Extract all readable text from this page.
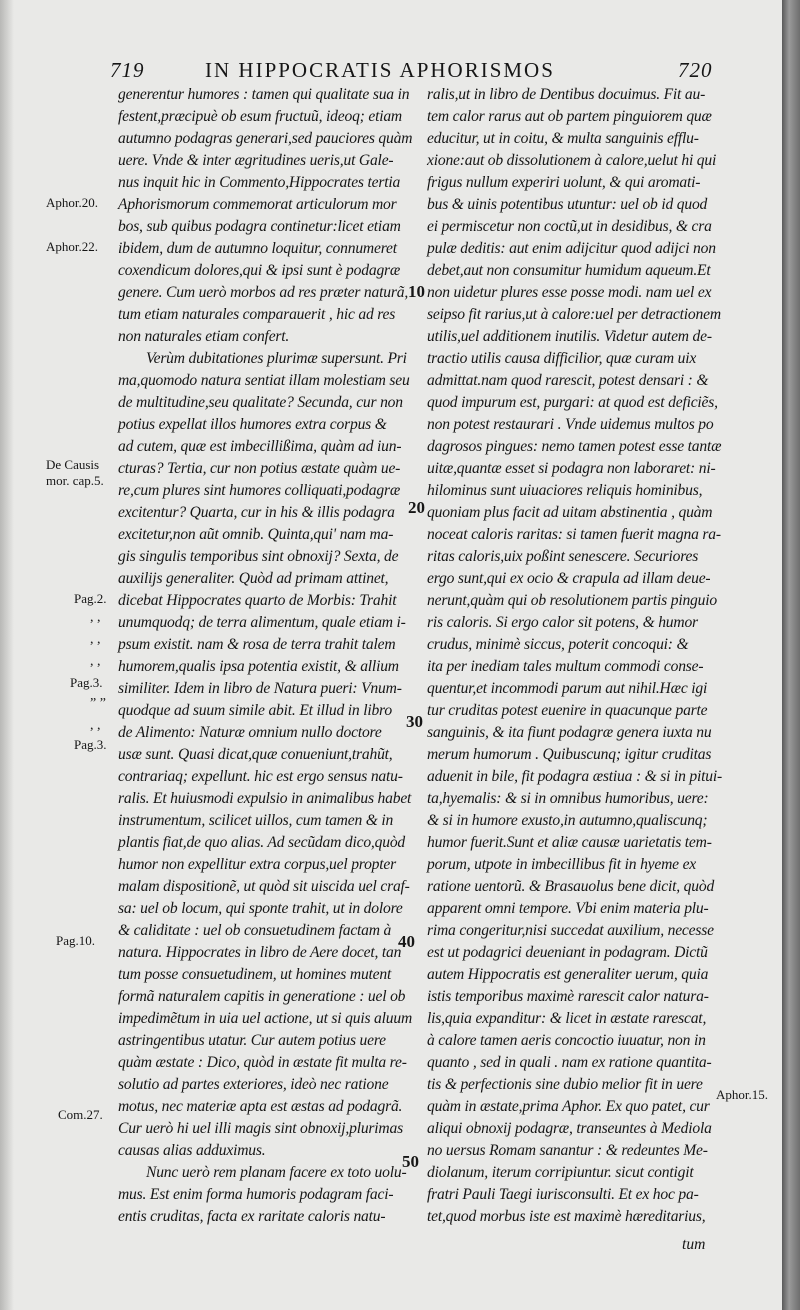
719	IN HIPPOCRATIS APHORISMOS	720
generentur humores : tamen qui qualitate sua in
festent,præcipuè ob esum fructuũ, ideoq; etiam
autumno podagras generari,sed pauciores quàm
uere. Vnde & inter ægritudines ueris,ut Gale-
nus inquit hic in Commento,Hippocrates tertia
Aphorismorum commemorat articulorum mor
bos, sub quibus podagra continetur:licet etiam
ibidem, dum de autumno loquitur, connumeret
coxendicum dolores,qui & ipsi sunt è podagræ
genere. Cum uerò morbos ad res præter naturã,
tum etiam naturales comparauerit , hic ad res
non naturales etiam confert.
Verùm dubitationes plurimæ supersunt. Pri
ma,quomodo natura sentiat illam molestiam seu
de multitudine,seu qualitate? Secunda, cur non
potius expellat illos humores extra corpus &
ad cutem, quæ est imbecillißima, quàm ad iun-
cturas? Tertia, cur non potius æstate quàm ue-
re,cum plures sint humores colliquati,podagræ
excitentur? Quarta, cur in his & illis podagra
excitetur,non aũt omnib. Quinta,qui' nam ma-
gis singulis temporibus sint obnoxij? Sexta, de
auxilijs generaliter. Quòd ad primam attinet,
dicebat Hippocrates quarto de Morbis: Trahit
unumquodq; de terra alimentum, quale etiam i-
psum existit. nam & rosa de terra trahit talem
humorem,qualis ipsa potentia existit, & allium
similiter. Idem in libro de Natura pueri: Vnum-
quodque ad suum simile abit. Et illud in libro
de Alimento: Naturæ omnium nullo doctore
usæ sunt. Quasi dicat,quæ conueniunt,trahũt,
contrariaq; expellunt. hic est ergo sensus natu-
ralis. Et huiusmodi expulsio in animalibus habet
instrumentum, scilicet uillos, cum tamen & in
plantis fiat,de quo alias. Ad secũdam dico,quòd
humor non expellitur extra corpus,uel propter
malam dispositionẽ, ut quòd sit uiscida uel craf-
sa: uel ob locum, qui sponte trahit, ut in dolore
& caliditate : uel ob consuetudinem factam à
natura. Hippocrates in libro de Aere docet, tan
tum posse consuetudinem, ut homines mutent
formã naturalem capitis in generatione : uel ob
impedimẽtum in uia uel actione, ut si quis aluum
astringentibus utatur. Cur autem potius uere
quàm æstate : Dico, quòd in æstate fit multa re-
solutio ad partes exteriores, ideò nec ratione
motus, nec materiæ apta est æstas ad podagrã.
Cur uerò hi uel illi magis sint obnoxij,plurimas
causas alias adduximus.
Nunc uerò rem planam facere ex toto uolu-
mus. Est enim forma humoris podagram faci-
entis cruditas, facta ex raritate caloris natu-
ralis,ut in libro de Dentibus docuimus. Fit au-
tem calor rarus aut ob partem pinguiorem quæ
educitur, ut in coitu, & multa sanguinis efflu-
xione:aut ob dissolutionem à calore,uelut hi qui
frigus nullum experiri uolunt, & qui aromati-
bus & uinis potentibus utuntur: uel ob id quod
ei permiscetur non coctũ,ut in desidibus, & cra
pulæ deditis: aut enim adijcitur quod adijci non
debet,aut non consumitur humidum aqueum.Et
non uidetur plures esse posse modi. nam uel ex
seipso fit rarius,ut à calore:uel per detractionem
utilis,uel additionem inutilis. Videtur autem de-
tractio utilis causa difficilior, quæ curam uix
admittat.nam quod rarescit, potest densari : &
quod impurum est, purgari: at quod est deficiẽs,
non potest restaurari . Vnde uidemus multos po
dagrosos pingues: nemo tamen potest esse tantæ
uitæ,quantæ esset si podagra non laboraret: ni-
hilominus sunt uiuaciores reliquis hominibus,
quoniam plus facit ad uitam abstinentia , quàm
noceat caloris raritas: si tamen fuerit magna ra-
ritas caloris,uix poßint senescere. Securiores
ergo sunt,qui ex ocio & crapula ad illam deue-
nerunt,quàm qui ob resolutionem partis pinguio
ris caloris. Si ergo calor sit potens, & humor
crudus, minimè siccus, poterit concoqui: &
ita per inediam tales multum commodi conse-
quentur,et incommodi parum aut nihil.Hæc igi
tur cruditas potest euenire in quacunque parte
sanguinis, & ita fiunt podagræ genera iuxta nu
merum humorum . Quibuscunq; igitur cruditas
aduenit in bile, fit podagra æstiua : & si in pitui-
ta,hyemalis: & si in omnibus humoribus, uere:
& si in humore exusto,in autumno,qualiscunq;
humor fuerit.Sunt et aliæ causæ uarietatis tem-
porum, utpote in imbecillibus fit in hyeme ex
ratione uentorũ. & Brasauolus bene dicit, quòd
apparent omni tempore. Vbi enim materia plu-
rima congeritur,nisi succedat auxilium, necesse
est ut podagrici deueniant in podagram. Dictũ
autem Hippocratis est generaliter uerum, quia
istis temporibus maximè rarescit calor natura-
lis,quia expanditur: & licet in æstate rarescat,
à calore tamen aeris concoctio iuuatur, non in
quanto , sed in quali . nam ex ratione quantita-
tis & perfectionis sine dubio melior fit in uere
quàm in æstate,prima Aphor. Ex quo patet, cur
aliqui obnoxij podagræ, transeuntes à Mediola
no uersus Romam sanantur : & redeuntes Me-
diolanum, iterum corripiuntur. sicut contigit
fratri Pauli Taegi iurisconsulti. Et ex hoc pa-
tet,quod morbus iste est maximè hæreditarius,
tum
Aphor.20.
Aphor.22.
De Causis
mor. cap.5.
Pag.2.
Pag.3.
Pag.3.
Pag.10.
Com.27.
Aphor.15.
, ,
, ,
, ,
” ”
, ,
10
20
30
40
50
